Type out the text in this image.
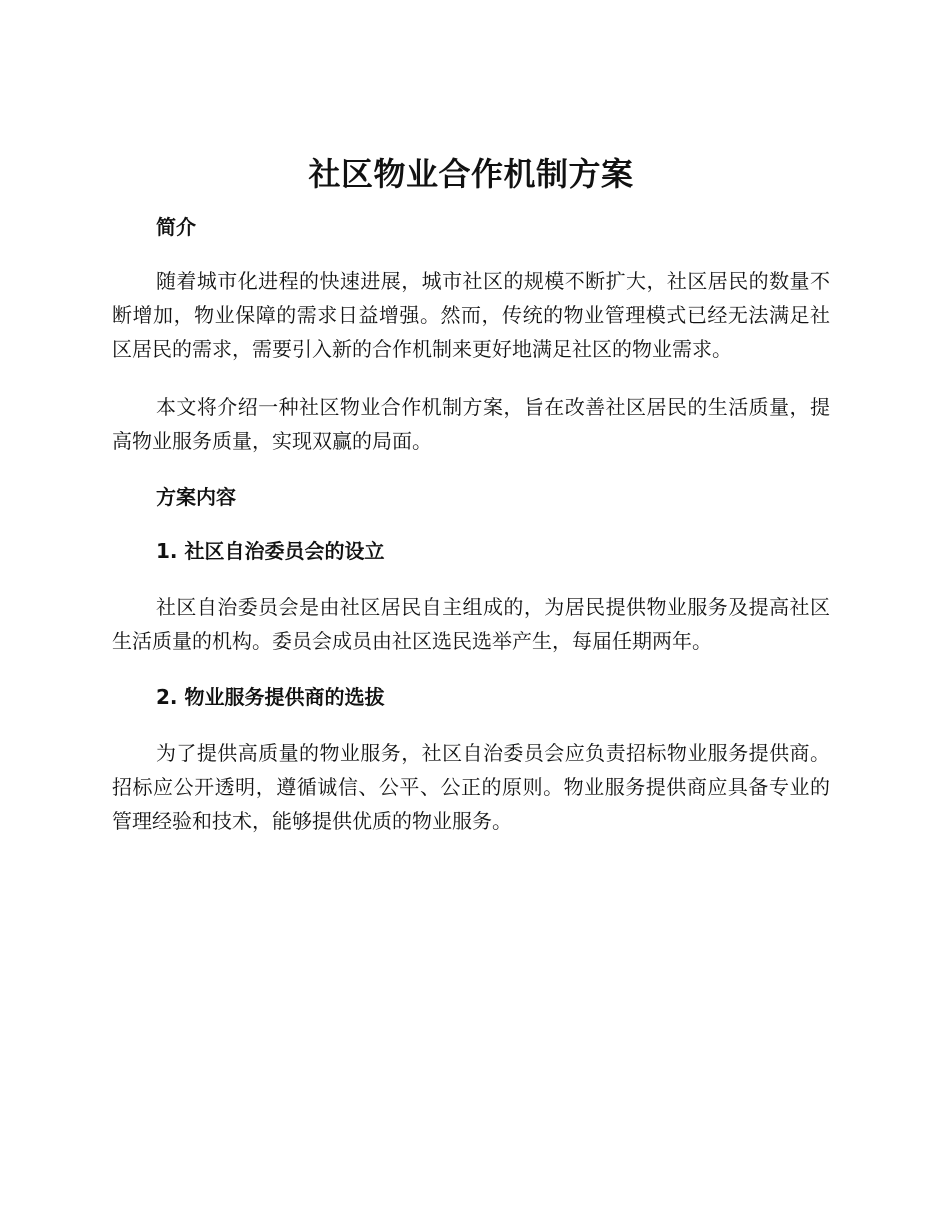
社区物业合作机制方案

简介

随着城市化进程的快速进展，城市社区的规模不断扩大，社区居民的数量不断增加，物业保障的需求日益增强。然而，传统的物业管理模式已经无法满足社区居民的需求，需要引入新的合作机制来更好地满足社区的物业需求。

本文将介绍一种社区物业合作机制方案，旨在改善社区居民的生活质量，提高物业服务质量，实现双赢的局面。

方案内容

1. 社区自治委员会的设立

社区自治委员会是由社区居民自主组成的，为居民提供物业服务及提高社区生活质量的机构。委员会成员由社区选民选举产生，每届任期两年。

2. 物业服务提供商的选拔

为了提供高质量的物业服务，社区自治委员会应负责招标物业服务提供商。招标应公开透明，遵循诚信、公平、公正的原则。物业服务提供商应具备专业的管理经验和技术，能够提供优质的物业服务。
